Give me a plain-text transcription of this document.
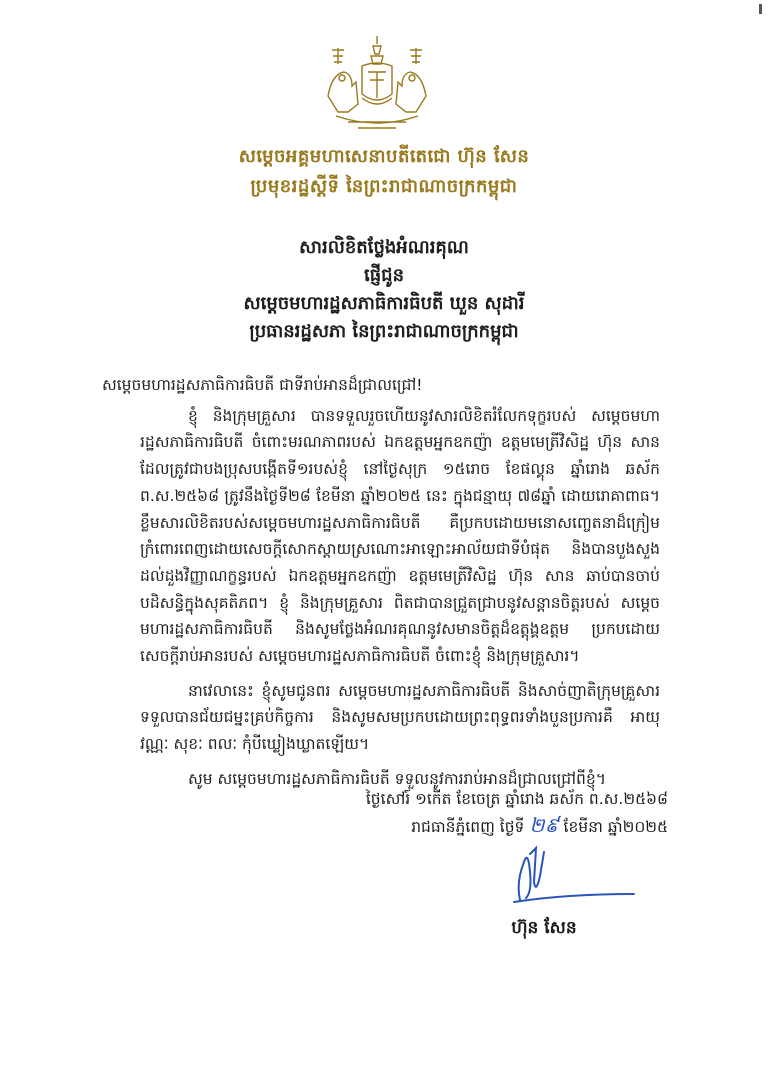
សម្តេចអគ្គមហាសេនាបតីតេជោ ហ៊ុន សែន
ប្រមុខរដ្ឋស្តីទី នៃព្រះរាជាណាចក្រកម្ពុជា
សារលិខិតថ្លែងអំណរគុណ
ផ្ញើជូន
សម្តេចមហារដ្ឋសភាធិការធិបតី ឃួន សុដារី
ប្រធានរដ្ឋសភា នៃព្រះរាជាណាចក្រកម្ពុជា

សម្តេចមហារដ្ឋសភាធិការធិបតី ជាទីរាប់អានដ៏ជ្រាលជ្រៅ!

ខ្ញុំ និងក្រុមគ្រួសារ បានទទួលរួចហើយនូវសារលិខិតរំលែកទុក្ខរបស់ សម្តេចមហារដ្ឋសភាធិការធិបតី ចំពោះមរណភាពរបស់ ឯកឧត្តមអ្នកឧកញ៉ា ឧត្តមមេត្រីវិសិដ្ឋ ហ៊ុន សាន ដែលត្រូវជាបងប្រុសបង្កើតទី១របស់ខ្ញុំ នៅថ្ងៃសុក្រ ១៥រោច ខែផល្គុន ឆ្នាំរោង ឆស័ក ព.ស.២៥៦៨ ត្រូវនឹងថ្ងៃទី២៨ ខែមីនា ឆ្នាំ២០២៥ នេះ ក្នុងជន្មាយុ ៧៨ឆ្នាំ ដោយរោគាពាធ។ ខ្លឹមសារលិខិតរបស់សម្តេចមហារដ្ឋសភាធិការធិបតី គឺប្រកបដោយមនោសញ្ចេតនាដ៏ក្រៀមក្រំពោរពេញដោយសេចក្តីសោកស្តាយស្រណោះអាឡោះអាល័យជាទីបំផុត និងបានបួងសួងដល់ដួងវិញ្ញាណក្ខន្ធរបស់ ឯកឧត្តមអ្នកឧកញ៉ា ឧត្តមមេត្រីវិសិដ្ឋ ហ៊ុន សាន ឆាប់បានចាប់បដិសន្ធិក្នុងសុគតិភព។ ខ្ញុំ និងក្រុមគ្រួសារ ពិតជាបានជ្រួតជ្រាបនូវសន្តានចិត្តរបស់ សម្តេចមហារដ្ឋសភាធិការធិបតី និងសូមថ្លែងអំណរគុណនូវសមានចិត្តដ៏ឧត្តុង្គឧត្តម ប្រកបដោយសេចក្តីរាប់អានរបស់ សម្តេចមហារដ្ឋសភាធិការធិបតី ចំពោះខ្ញុំ និងក្រុមគ្រួសារ។

នាវេលានេះ ខ្ញុំសូមជូនពរ សម្តេចមហារដ្ឋសភាធិការធិបតី និងសាច់ញាតិក្រុមគ្រួសារ ទទួលបានជ័យជម្នះគ្រប់កិច្ចការ និងសូមសមប្រកបដោយព្រះពុទ្ធពរទាំងបួនប្រការគឺ អាយុ វណ្ណៈ សុខៈ ពលៈ កុំបីឃ្លៀងឃ្លាតឡើយ។

សូម សម្តេចមហារដ្ឋសភាធិការធិបតី ទទួលនូវការរាប់អានដ៏ជ្រាលជ្រៅពីខ្ញុំ។

ថ្ងៃសៅរ៍ ១កើត ខែចេត្រ ឆ្នាំរោង ឆស័ក ព.ស.២៥៦៨
រាជធានីភ្នំពេញ ថ្ងៃទី ២៩ ខែមីនា ឆ្នាំ២០២៥
ហ៊ុន សែន
